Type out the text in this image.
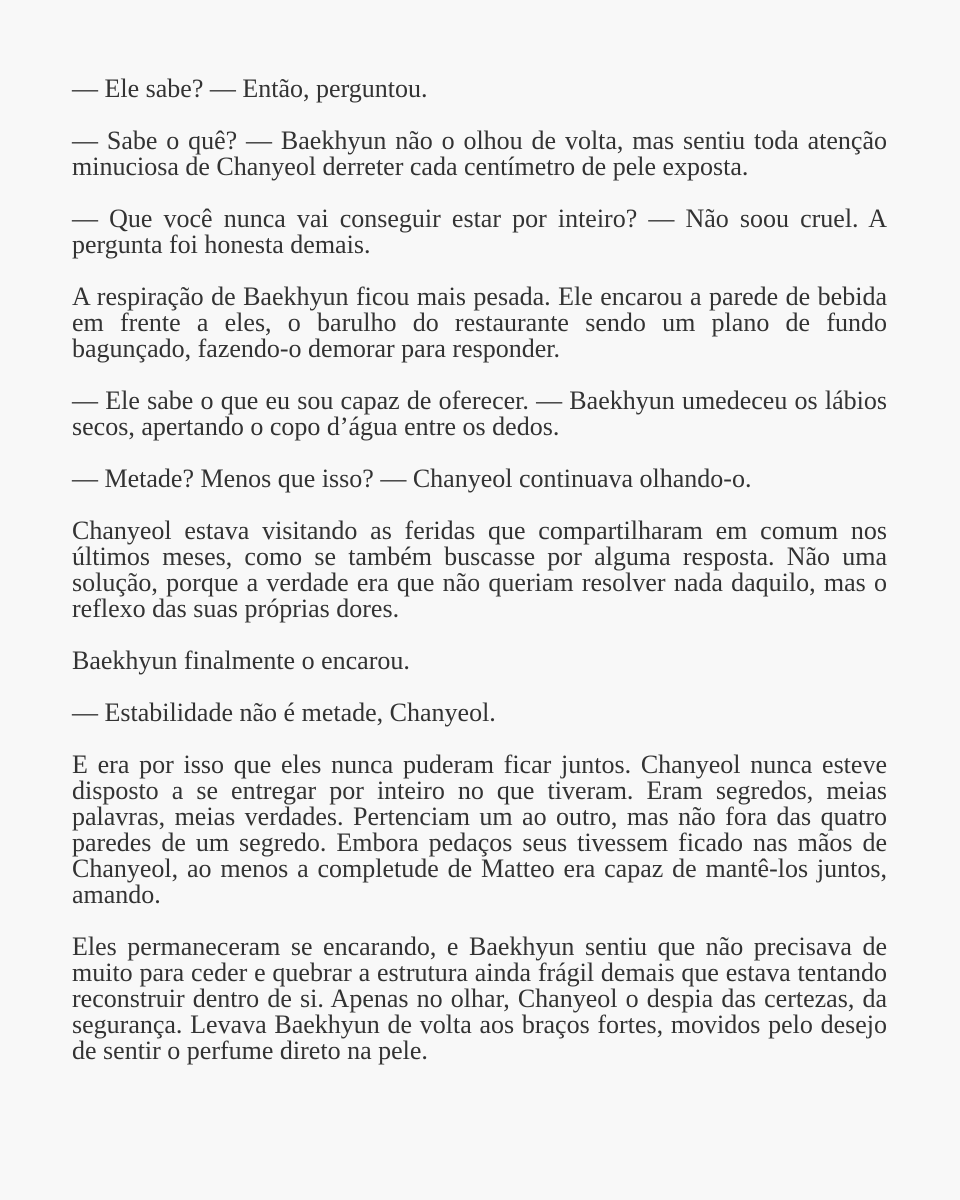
— Ele sabe? — Então, perguntou.

— Sabe o quê? — Baekhyun não o olhou de volta, mas sentiu toda atenção minuciosa de Chanyeol derreter cada centímetro de pele exposta.

— Que você nunca vai conseguir estar por inteiro? — Não soou cruel. A pergunta foi honesta demais.

A respiração de Baekhyun ficou mais pesada. Ele encarou a parede de bebida em frente a eles, o barulho do restaurante sendo um plano de fundo bagunçado, fazendo-o demorar para responder.

— Ele sabe o que eu sou capaz de oferecer. — Baekhyun umedeceu os lábios secos, apertando o copo d’água entre os dedos.

— Metade? Menos que isso? — Chanyeol continuava olhando-o.

Chanyeol estava visitando as feridas que compartilharam em comum nos últimos meses, como se também buscasse por alguma resposta. Não uma solução, porque a verdade era que não queriam resolver nada daquilo, mas o reflexo das suas próprias dores.

Baekhyun finalmente o encarou.

— Estabilidade não é metade, Chanyeol.

E era por isso que eles nunca puderam ficar juntos. Chanyeol nunca esteve disposto a se entregar por inteiro no que tiveram. Eram segredos, meias palavras, meias verdades. Pertenciam um ao outro, mas não fora das quatro paredes de um segredo. Embora pedaços seus tivessem ficado nas mãos de Chanyeol, ao menos a completude de Matteo era capaz de mantê-los juntos, amando.

Eles permaneceram se encarando, e Baekhyun sentiu que não precisava de muito para ceder e quebrar a estrutura ainda frágil demais que estava tentando reconstruir dentro de si. Apenas no olhar, Chanyeol o despia das certezas, da segurança. Levava Baekhyun de volta aos braços fortes, movidos pelo desejo de sentir o perfume direto na pele.
